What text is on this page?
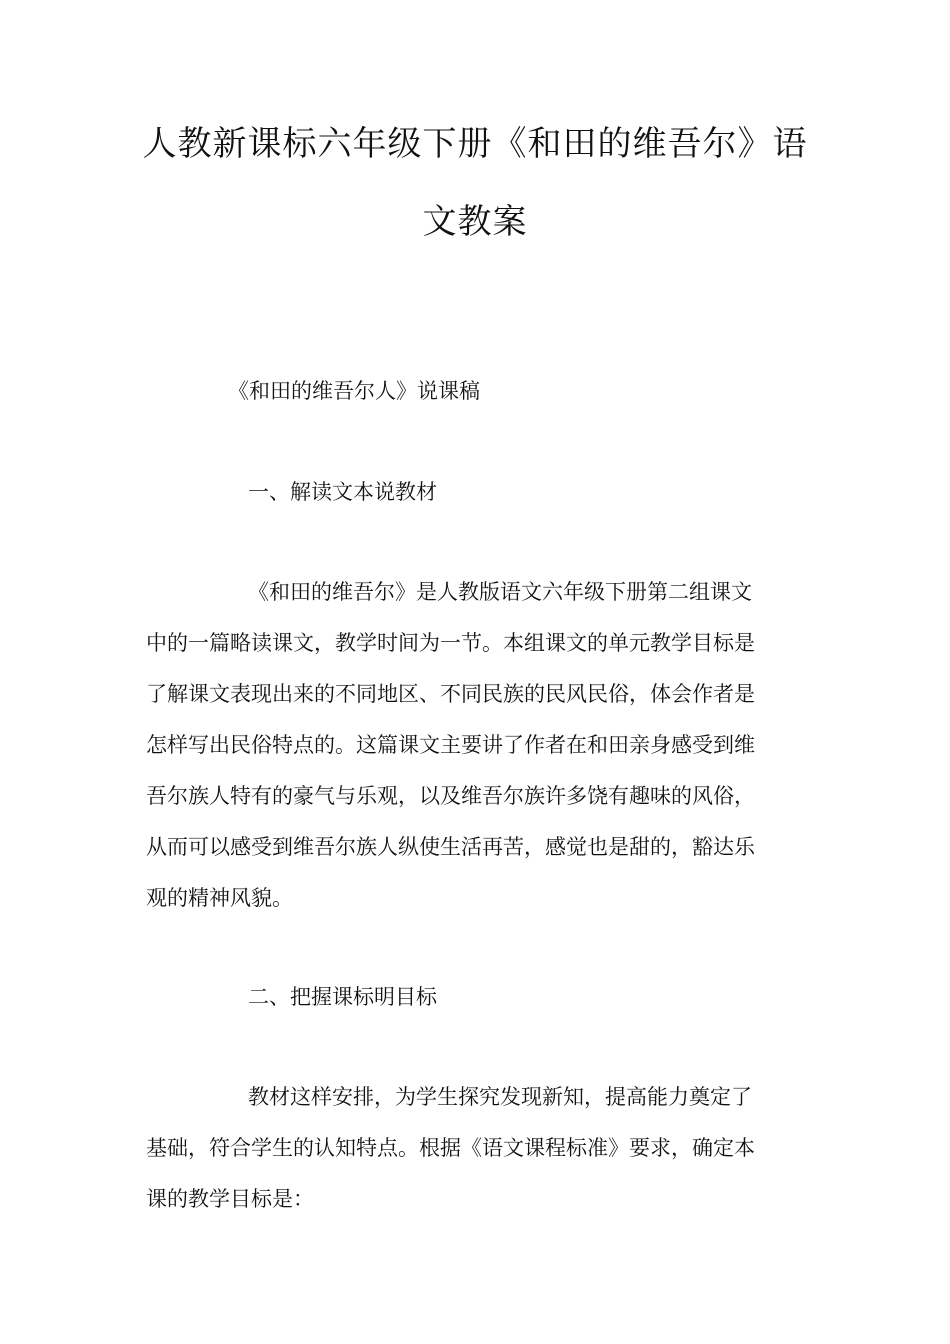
人教新课标六年级下册《和田的维吾尔》语
文教案
《和田的维吾尔人》说课稿
一、解读文本说教材
《和田的维吾尔》是人教版语文六年级下册第二组课文
中的一篇略读课文，教学时间为一节。本组课文的单元教学目标是
了解课文表现出来的不同地区、不同民族的民风民俗，体会作者是
怎样写出民俗特点的。这篇课文主要讲了作者在和田亲身感受到维
吾尔族人特有的豪气与乐观，以及维吾尔族许多饶有趣味的风俗，
从而可以感受到维吾尔族人纵使生活再苦，感觉也是甜的，豁达乐
观的精神风貌。
二、把握课标明目标
教材这样安排，为学生探究发现新知，提高能力奠定了
基础，符合学生的认知特点。根据《语文课程标准》要求，确定本
课的教学目标是：
